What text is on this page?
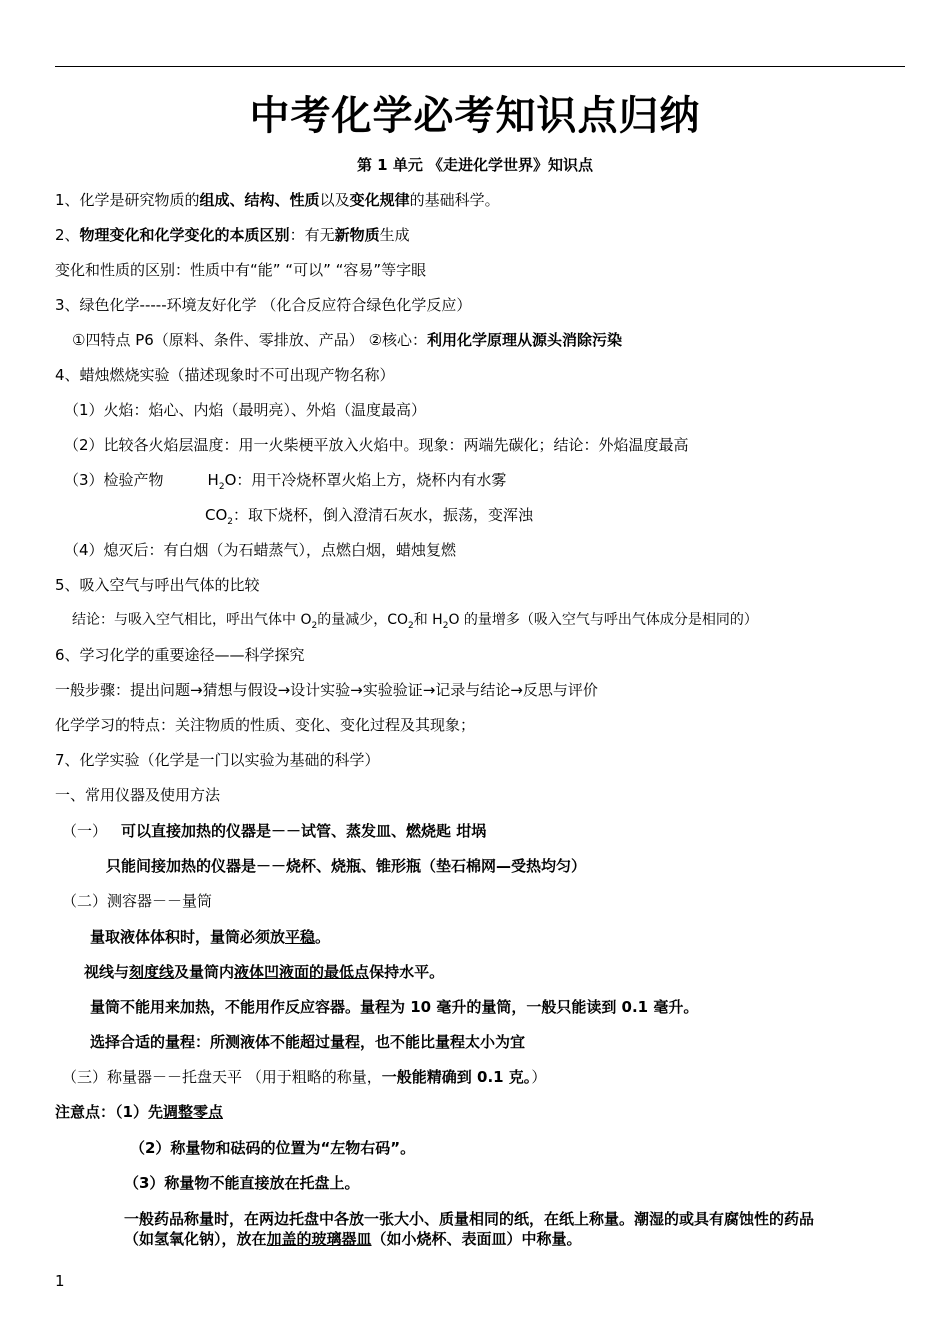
中考化学必考知识点归纳
第 1 单元 《走进化学世界》知识点
1、化学是研究物质的组成、结构、性质以及变化规律的基础科学。
2、物理变化和化学变化的本质区别：有无新物质生成
变化和性质的区别：性质中有“能” “可以” “容易”等字眼
3、绿色化学-----环境友好化学 （化合反应符合绿色化学反应）
①四特点 P6（原料、条件、零排放、产品） ②核心：利用化学原理从源头消除污染
4、蜡烛燃烧实验（描述现象时不可出现产物名称）
（1）火焰：焰心、内焰（最明亮）、外焰（温度最高）
（2）比较各火焰层温度：用一火柴梗平放入火焰中。现象：两端先碳化；结论：外焰温度最高
（3）检验产物	$H_2O$：用干冷烧杯罩火焰上方，烧杯内有水雾
$CO_2$：取下烧杯，倒入澄清石灰水，振荡，变浑浊
（4）熄灭后：有白烟（为石蜡蒸气），点燃白烟，蜡烛复燃
5、吸入空气与呼出气体的比较
结论：与吸入空气相比，呼出气体中 $O_2$的量减少，$CO_2$和 $H_2O$ 的量增多（吸入空气与呼出气体成分是相同的）
6、学习化学的重要途径——科学探究
一般步骤：提出问题→猜想与假设→设计实验→实验验证→记录与结论→反思与评价
化学学习的特点：关注物质的性质、变化、变化过程及其现象；
7、化学实验（化学是一门以实验为基础的科学）
一、常用仪器及使用方法
（一） 可以直接加热的仪器是－－试管、蒸发皿、燃烧匙 坩埚
只能间接加热的仪器是－－烧杯、烧瓶、锥形瓶（垫石棉网—受热均匀）
（二）测容器－－量筒
量取液体体积时，量筒必须放平稳。
视线与刻度线及量筒内液体凹液面的最低点保持水平。
量筒不能用来加热，不能用作反应容器。量程为 10 毫升的量筒，一般只能读到 0.1 毫升。
选择合适的量程：所测液体不能超过量程，也不能比量程太小为宜
（三）称量器－－托盘天平 （用于粗略的称量，一般能精确到 0.1 克。）
注意点：（1）先调整零点
（2）称量物和砝码的位置为“左物右码”。
（3）称量物不能直接放在托盘上。
一般药品称量时，在两边托盘中各放一张大小、质量相同的纸，在纸上称量。潮湿的或具有腐蚀性的药品
（如氢氧化钠），放在加盖的玻璃器皿（如小烧杯、表面皿）中称量。
1
